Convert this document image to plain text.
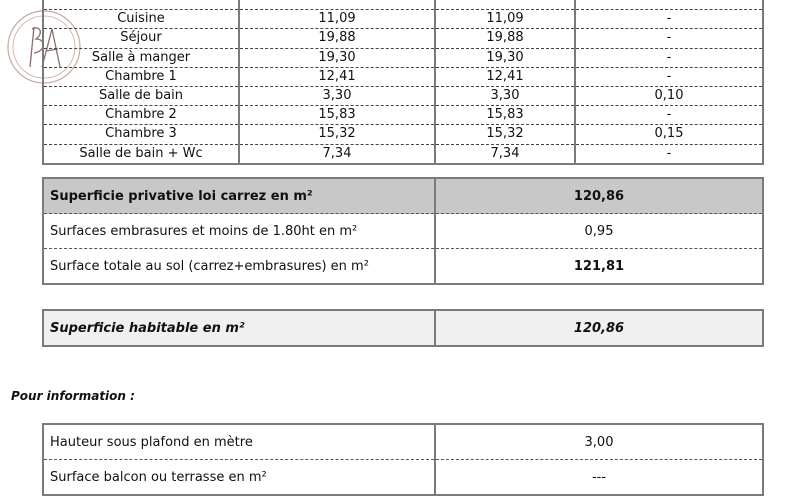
Cuisine	11,09	11,09	-
Séjour	19,88	19,88	-
Salle à manger	19,30	19,30	-
Chambre 1	12,41	12,41	-
Salle de bain	3,30	3,30	0,10
Chambre 2	15,83	15,83	-
Chambre 3	15,32	15,32	0,15
Salle de bain + Wc	7,34	7,34	-
Superficie privative loi carrez en m²	120,86
Surfaces embrasures et moins de 1.80ht en m²	0,95
Surface totale au sol (carrez+embrasures) en m²	121,81
Superficie habitable en m²	120,86
Pour information :
Hauteur sous plafond en mètre	3,00
Surface balcon ou terrasse en m²	---
